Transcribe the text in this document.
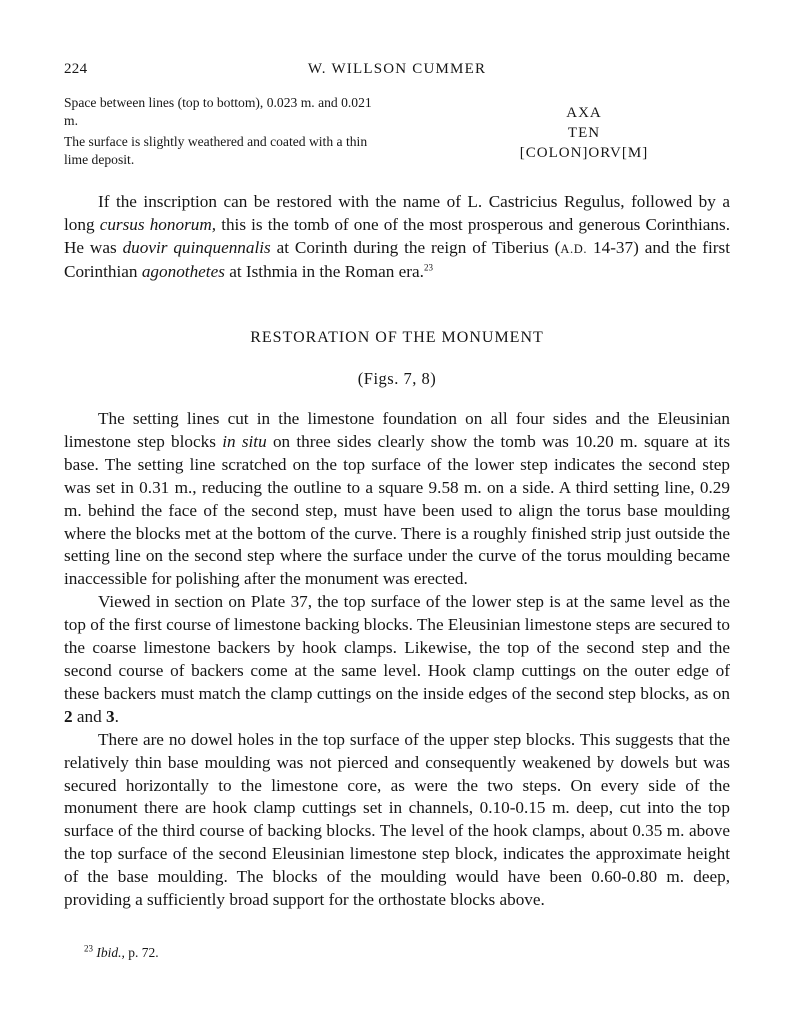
224	W. WILLSON CUMMER

Space between lines (top to bottom), 0.023 m. and 0.021 m.

The surface is slightly weathered and coated with a thin lime deposit.

AXA
TEN
[COLON]ORV[M]

If the inscription can be restored with the name of L. Castricius Regulus, followed by a long cursus honorum, this is the tomb of one of the most prosperous and generous Corinthians. He was duovir quinquennalis at Corinth during the reign of Tiberius (A.D. 14-37) and the first Corinthian agonothetes at Isthmia in the Roman era.$^{23}$

RESTORATION OF THE MONUMENT
(Figs. 7, 8)

The setting lines cut in the limestone foundation on all four sides and the Eleusinian limestone step blocks in situ on three sides clearly show the tomb was 10.20 m. square at its base. The setting line scratched on the top surface of the lower step indicates the second step was set in 0.31 m., reducing the outline to a square 9.58 m. on a side. A third setting line, 0.29 m. behind the face of the second step, must have been used to align the torus base moulding where the blocks met at the bottom of the curve. There is a roughly finished strip just outside the setting line on the second step where the surface under the curve of the torus moulding became inaccessible for polishing after the monument was erected.

Viewed in section on Plate 37, the top surface of the lower step is at the same level as the top of the first course of limestone backing blocks. The Eleusinian limestone steps are secured to the coarse limestone backers by hook clamps. Likewise, the top of the second step and the second course of backers come at the same level. Hook clamp cuttings on the outer edge of these backers must match the clamp cuttings on the inside edges of the second step blocks, as on 2 and 3.

There are no dowel holes in the top surface of the upper step blocks. This suggests that the relatively thin base moulding was not pierced and consequently weakened by dowels but was secured horizontally to the limestone core, as were the two steps. On every side of the monument there are hook clamp cuttings set in channels, 0.10-0.15 m. deep, cut into the top surface of the third course of backing blocks. The level of the hook clamps, about 0.35 m. above the top surface of the second Eleusinian limestone step block, indicates the approximate height of the base moulding. The blocks of the moulding would have been 0.60-0.80 m. deep, providing a sufficiently broad support for the orthostate blocks above.

$^{23}$ Ibid., p. 72.
